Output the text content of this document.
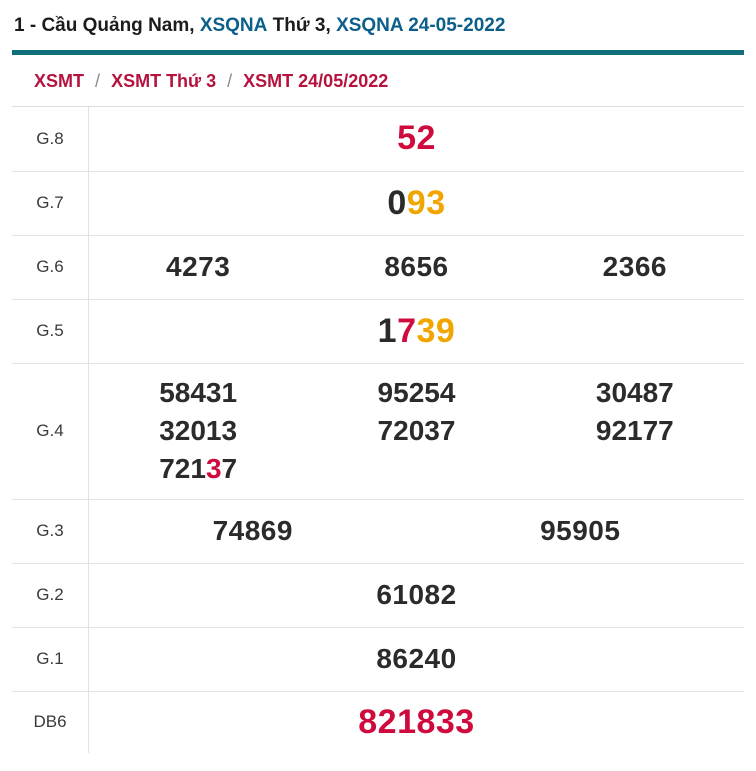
1 - Cầu Quảng Nam, XSQNA Thứ 3, XSQNA 24-05-2022
XSMT / XSMT Thứ 3 / XSMT 24/05/2022
G.8	52

G.7	093

G.6	4273 8656 2366

G.5	1739

G.4	
58431	95254	30487
32013	72037	92177
72137

G.3	74869 95905

G.2	61082

G.1	86240

DB6	821833
